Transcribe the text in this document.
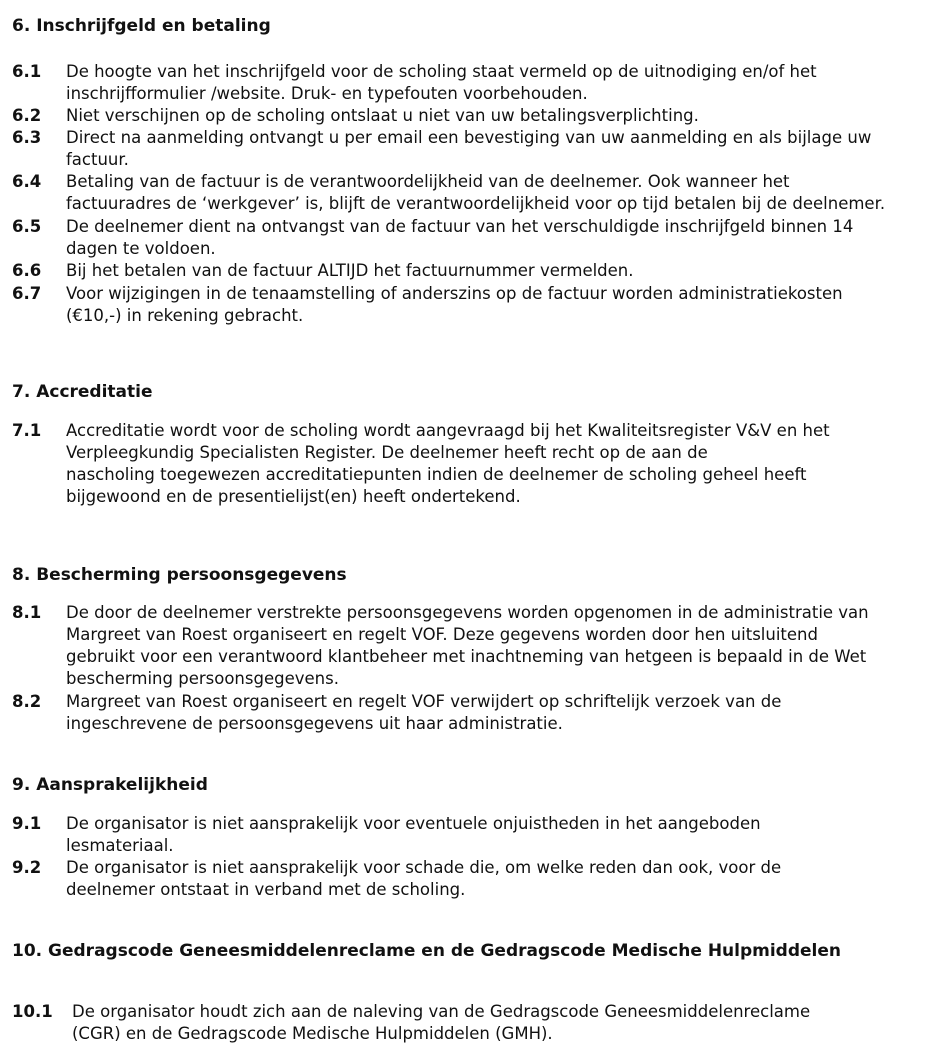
6. Inschrijfgeld en betaling
6.1 De hoogte van het inschrijfgeld voor de scholing staat vermeld op de uitnodiging en/of het
inschrijfformulier /website. Druk- en typefouten voorbehouden.

6.2 Niet verschijnen op de scholing ontslaat u niet van uw betalingsverplichting.

6.3 Direct na aanmelding ontvangt u per email een bevestiging van uw aanmelding en als bijlage uw
factuur.

6.4 Betaling van de factuur is de verantwoordelijkheid van de deelnemer. Ook wanneer het
factuuradres de ‘werkgever’ is, blijft de verantwoordelijkheid voor op tijd betalen bij de deelnemer.

6.5 De deelnemer dient na ontvangst van de factuur van het verschuldigde inschrijfgeld binnen 14
dagen te voldoen.

6.6 Bij het betalen van de factuur ALTIJD het factuurnummer vermelden.

6.7 Voor wijzigingen in de tenaamstelling of anderszins op de factuur worden administratiekosten
(€10,-) in rekening gebracht.

7. Accreditatie
7.1 Accreditatie wordt voor de scholing wordt aangevraagd bij het Kwaliteitsregister V&V en het
Verpleegkundig Specialisten Register. De deelnemer heeft recht op de aan de
nascholing toegewezen accreditatiepunten indien de deelnemer de scholing geheel heeft
bijgewoond en de presentielijst(en) heeft ondertekend.

8. Bescherming persoonsgegevens
8.1 De door de deelnemer verstrekte persoonsgegevens worden opgenomen in de administratie van
Margreet van Roest organiseert en regelt VOF. Deze gegevens worden door hen uitsluitend
gebruikt voor een verantwoord klantbeheer met inachtneming van hetgeen is bepaald in de Wet
bescherming persoonsgegevens.

8.2 Margreet van Roest organiseert en regelt VOF verwijdert op schriftelijk verzoek van de
ingeschrevene de persoonsgegevens uit haar administratie.

9. Aansprakelijkheid
9.1 De organisator is niet aansprakelijk voor eventuele onjuistheden in het aangeboden
lesmateriaal.

9.2 De organisator is niet aansprakelijk voor schade die, om welke reden dan ook, voor de
deelnemer ontstaat in verband met de scholing.

10. Gedragscode Geneesmiddelenreclame en de Gedragscode Medische Hulpmiddelen
10.1 De organisator houdt zich aan de naleving van de Gedragscode Geneesmiddelenreclame
(CGR) en de Gedragscode Medische Hulpmiddelen (GMH).
